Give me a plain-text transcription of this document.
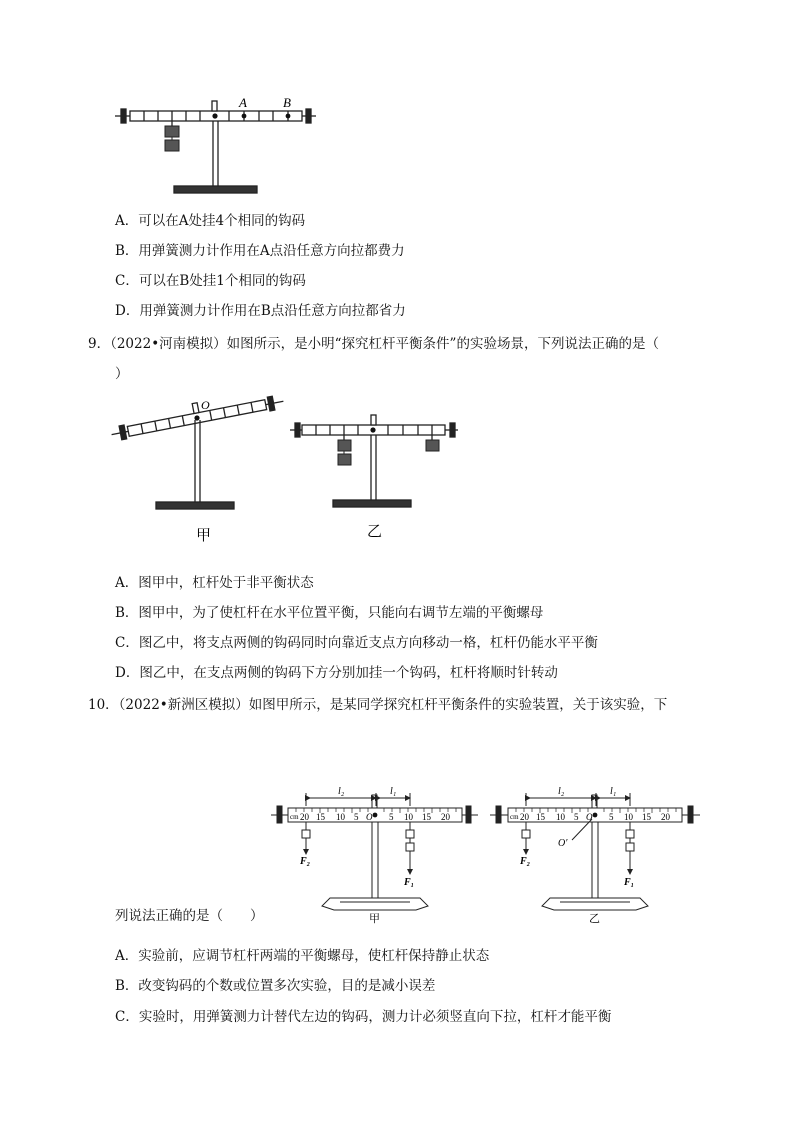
A	B
A．可以在A处挂4个相同的钩码
B．用弹簧测力计作用在A点沿任意方向拉都费力
C．可以在B处挂1个相同的钩码
D．用弹簧测力计作用在B点沿任意方向拉都省力
9．（2022•河南模拟）如图所示，是小明“探究杠杆平衡条件”的实验场景，下列说法正确的是（
）
O
甲	乙
A．图甲中，杠杆处于非平衡状态
B．图甲中，为了使杠杆在水平位置平衡，只能向右调节左端的平衡螺母
C．图乙中，将支点两侧的钩码同时向靠近支点方向移动一格，杠杆仍能水平平衡
D．图乙中，在支点两侧的钩码下方分别加挂一个钩码，杠杆将顺时针转动
10．（2022•新洲区模拟）如图甲所示，是某同学探究杠杆平衡条件的实验装置，关于该实验，下
l₂	l₁
cm 20 15 10 5 O 5 10 15 20
F₂
F₁
甲
l₂	l₁
cm 20 15 10 5 O 5 10 15 20
O′
F₂
F₁
乙
列说法正确的是（　　）
A．实验前，应调节杠杆两端的平衡螺母，使杠杆保持静止状态
B．改变钩码的个数或位置多次实验，目的是减小误差
C．实验时，用弹簧测力计替代左边的钩码，测力计必须竖直向下拉，杠杆才能平衡
